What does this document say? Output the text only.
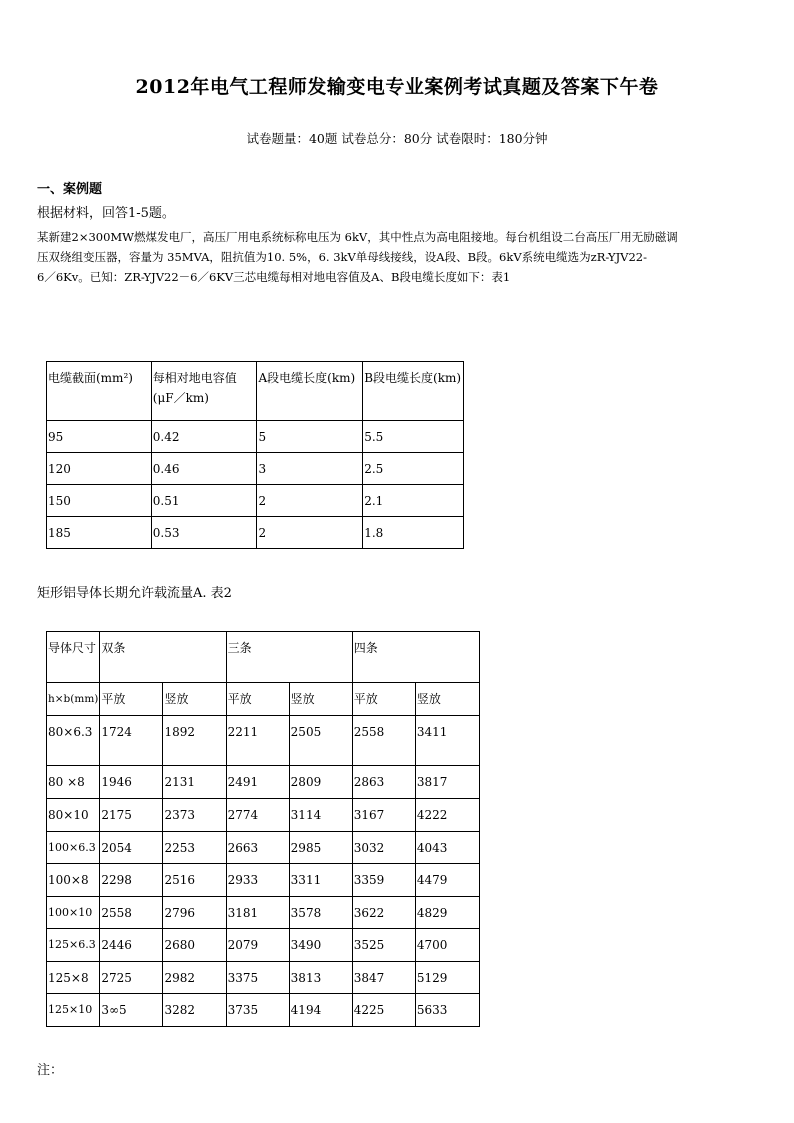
2012年电气工程师发输变电专业案例考试真题及答案下午卷
试卷题量：40题 试卷总分：80分 试卷限时：180分钟
一、案例题
根据材料，回答1-5题。
某新建2×300MW燃煤发电厂，高压厂用电系统标称电压为 6kV，其中性点为高电阻接地。每台机组设二台高压厂用无励磁调
压双绕组变压器，容量为 35MVA，阻抗值为10. 5%，6. 3kV单母线接线，设A段、B段。6kV系统电缆选为zR-YJV22-
6／6Kv。已知：ZR-YJV22－6／6KV三芯电缆每相对地电容值及A、B段电缆长度如下：表1
电缆截面(mm²)	每相对地电容值(μF／km)	A段电缆长度(km)	B段电缆长度(km)
95	0.42	5	5.5
120	0.46	3	2.5
150	0.51	2	2.1
185	0.53	2	1.8
矩形铝导体长期允许载流量A. 表2
导体尺寸	双条		三条		四条	
h×b(mm)	平放	竖放	平放	竖放	平放	竖放
80×6.3	1724	1892	2211	2505	2558	3411
80 ×8	1946	2131	2491	2809	2863	3817
80×10	2175	2373	2774	3114	3167	4222
100×6.3	2054	2253	2663	2985	3032	4043
100×8	2298	2516	2933	3311	3359	4479
100×10	2558	2796	3181	3578	3622	4829
125×6.3	2446	2680	2079	3490	3525	4700
125×8	2725	2982	3375	3813	3847	5129
125×10	3∞5	3282	3735	4194	4225	5633
注：
